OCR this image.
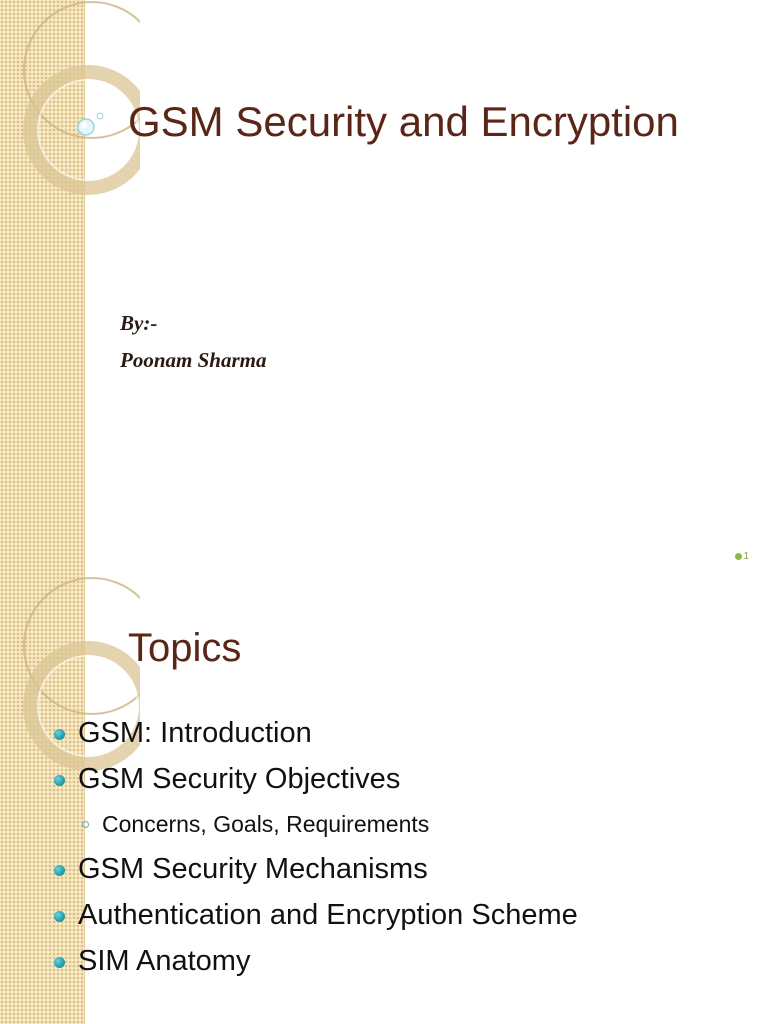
GSM Security and Encryption
By:-
Poonam Sharma
1
Topics
GSM: Introduction
GSM Security Objectives
Concerns, Goals, Requirements
GSM Security Mechanisms
Authentication and Encryption Scheme
SIM Anatomy
